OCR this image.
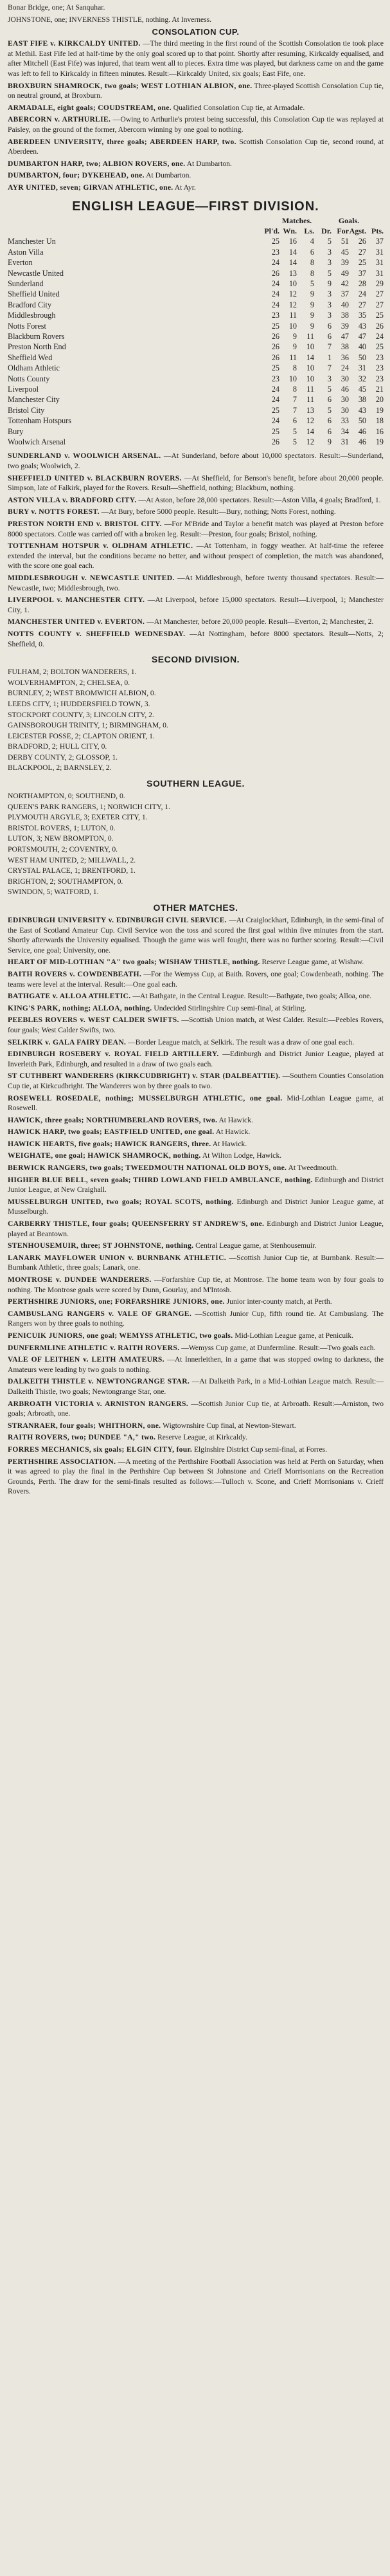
Bonar Bridge, one; At Sanquhar.

JOHNSTONE, one; INVERNESS THISTLE, nothing. At Inverness.

CONSOLATION CUP.

EAST FIFE v. KIRKCALDY UNITED. —The third meeting in the first round of the Scottish Consolation tie took place at Methil. East Fife led at half-time by the only goal scored up to that point. Shortly after resuming, Kirkcaldy equalised, and after Mitchell (East Fife) was injured, that team went all to pieces. Extra time was played, but darkness came on and the game was left to fell to Kirkcaldy in fifteen minutes. Result:—Kirkcaldy United, six goals; East Fife, one.

BROXBURN SHAMROCK, two goals; WEST LOTHIAN ALBION, one. Three-played Scottish Consolation Cup tie, on neutral ground, at Broxburn.

ARMADALE, eight goals; COUDSTREAM, one. Qualified Consolation Cup tie, at Armadale.

ABERCORN v. ARTHURLIE. —Owing to Arthurlie's protest being successful, this Consolation Cup tie was replayed at Paisley, on the ground of the former, Abercorn winning by one goal to nothing.

ABERDEEN UNIVERSITY, three goals; ABERDEEN HARP, two. Scottish Consolation Cup tie, second round, at Aberdeen.

DUMBARTON HARP, two; ALBION ROVERS, one. At Dumbarton.

DUMBARTON, four; DYKEHEAD, one. At Dumbarton.

AYR UNITED, seven; GIRVAN ATHLETIC, one. At Ayr.

ENGLISH LEAGUE—FIRST DIVISION.
	Matches.				Goals.		
	Pl'd.	Wn.	Ls.	Dr.	For	Agst.	Pts.
Manchester Un	25	16	4	5	51	26	37
Aston Villa	23	14	6	3	45	27	31
Everton	24	14	8	3	39	25	31
Newcastle United	26	13	8	5	49	37	31
Sunderland	24	10	5	9	42	28	29
Sheffield United	24	12	9	3	37	24	27
Bradford City	24	12	9	3	40	27	27
Middlesbrough	23	11	9	3	38	35	25
Notts Forest	25	10	9	6	39	43	26
Blackburn Rovers	26	9	11	6	47	47	24
Preston North End	26	9	10	7	38	40	25
Sheffield Wed	26	11	14	1	36	50	23
Oldham Athletic	25	8	10	7	24	31	23
Notts County	23	10	10	3	30	32	23
Liverpool	24	8	11	5	46	45	21
Manchester City	24	7	11	6	30	38	20
Bristol City	25	7	13	5	30	43	19
Tottenham Hotspurs	24	6	12	6	33	50	18
Bury	25	5	14	6	34	46	16
Woolwich Arsenal	26	5	12	9	31	46	19

SUNDERLAND v. WOOLWICH ARSENAL. —At Sunderland, before about 10,000 spectators. Result:—Sunderland, two goals; Woolwich, 2.

SHEFFIELD UNITED v. BLACKBURN ROVERS. —At Sheffield, for Benson's benefit, before about 20,000 people. Simpson, late of Falkirk, played for the Rovers. Result—Sheffield, nothing; Blackburn, nothing.

ASTON VILLA v. BRADFORD CITY. —At Aston, before 28,000 spectators. Result:—Aston Villa, 4 goals; Bradford, 1.

BURY v. NOTTS FOREST. —At Bury, before 5000 people. Result:—Bury, nothing; Notts Forest, nothing.

PRESTON NORTH END v. BRISTOL CITY. —For M'Bride and Taylor a benefit match was played at Preston before 8000 spectators. Cottle was carried off with a broken leg. Result:—Preston, four goals; Bristol, nothing.

TOTTENHAM HOTSPUR v. OLDHAM ATHLETIC. —At Tottenham, in foggy weather. At half-time the referee extended the interval, but the conditions became no better, and without prospect of completion, the match was abandoned, with the score one goal each.

MIDDLESBROUGH v. NEWCASTLE UNITED. —At Middlesbrough, before twenty thousand spectators. Result:—Newcastle, two; Middlesbrough, two.

LIVERPOOL v. MANCHESTER CITY. —At Liverpool, before 15,000 spectators. Result—Liverpool, 1; Manchester City, 1.

MANCHESTER UNITED v. EVERTON. —At Manchester, before 20,000 people. Result—Everton, 2; Manchester, 2.

NOTTS COUNTY v. SHEFFIELD WEDNESDAY. —At Nottingham, before 8000 spectators. Result—Notts, 2; Sheffield, 0.

SECOND DIVISION.

FULHAM, 2; BOLTON WANDERERS, 1.

WOLVERHAMPTON, 2; CHELSEA, 0.

BURNLEY, 2; WEST BROMWICH ALBION, 0.

LEEDS CITY, 1; HUDDERSFIELD TOWN, 3.

STOCKPORT COUNTY, 3; LINCOLN CITY, 2.

GAINSBOROUGH TRINITY, 1; BIRMINGHAM, 0.

LEICESTER FOSSE, 2; CLAPTON ORIENT, 1.

BRADFORD, 2; HULL CITY, 0.

DERBY COUNTY, 2; GLOSSOP, 1.

BLACKPOOL, 2; BARNSLEY, 2.

SOUTHERN LEAGUE.

NORTHAMPTON, 0; SOUTHEND, 0.

QUEEN'S PARK RANGERS, 1; NORWICH CITY, 1.

PLYMOUTH ARGYLE, 3; EXETER CITY, 1.

BRISTOL ROVERS, 1; LUTON, 0.

LUTON, 3; NEW BROMPTON, 0.

PORTSMOUTH, 2; COVENTRY, 0.

WEST HAM UNITED, 2; MILLWALL, 2.

CRYSTAL PALACE, 1; BRENTFORD, 1.

BRIGHTON, 2; SOUTHAMPTON, 0.

SWINDON, 5; WATFORD, 1.

OTHER MATCHES.

EDINBURGH UNIVERSITY v. EDINBURGH CIVIL SERVICE. —At Craiglockhart, Edinburgh, in the semi-final of the East of Scotland Amateur Cup. Civil Service won the toss and scored the first goal within five minutes from the start. Shortly afterwards the University equalised. Though the game was well fought, there was no further scoring. Result:—Civil Service, one goal; University, one.

HEART OF MID-LOTHIAN "A" two goals; WISHAW THISTLE, nothing. Reserve League game, at Wishaw.

BAITH ROVERS v. COWDENBEATH. —For the Wemyss Cup, at Baith. Rovers, one goal; Cowdenbeath, nothing. The teams were level at the interval. Result:—One goal each.

BATHGATE v. ALLOA ATHLETIC. —At Bathgate, in the Central League. Result:—Bathgate, two goals; Alloa, one.

KING'S PARK, nothing; ALLOA, nothing. Undecided Stirlingshire Cup semi-final, at Stirling.

PEEBLES ROVERS v. WEST CALDER SWIFTS. —Scottish Union match, at West Calder. Result:—Peebles Rovers, four goals; West Calder Swifts, two.

SELKIRK v. GALA FAIRY DEAN. —Border League match, at Selkirk. The result was a draw of one goal each.

EDINBURGH ROSEBERY v. ROYAL FIELD ARTILLERY. —Edinburgh and District Junior League, played at Inverleith Park, Edinburgh, and resulted in a draw of two goals each.

ST CUTHBERT WANDERERS (KIRKCUDBRIGHT) v. STAR (DALBEATTIE). —Southern Counties Consolation Cup tie, at Kirkcudbright. The Wanderers won by three goals to two.

ROSEWELL ROSEDALE, nothing; MUSSELBURGH ATHLETIC, one goal. Mid-Lothian League game, at Rosewell.

HAWICK, three goals; NORTHUMBERLAND ROVERS, two. At Hawick.

HAWICK HARP, two goals; EASTFIELD UNITED, one goal. At Hawick.

HAWICK HEARTS, five goals; HAWICK RANGERS, three. At Hawick.

WEIGHATE, one goal; HAWICK SHAMROCK, nothing. At Wilton Lodge, Hawick.

BERWICK RANGERS, two goals; TWEEDMOUTH NATIONAL OLD BOYS, one. At Tweedmouth.

HIGHER BLUE BELL, seven goals; THIRD LOWLAND FIELD AMBULANCE, nothing. Edinburgh and District Junior League, at New Craighall.

MUSSELBURGH UNITED, two goals; ROYAL SCOTS, nothing. Edinburgh and District Junior League game, at Musselburgh.

CARBERRY THISTLE, four goals; QUEENSFERRY ST ANDREW'S, one. Edinburgh and District Junior League, played at Beantown.

STENHOUSEMUIR, three; ST JOHNSTONE, nothing. Central League game, at Stenhousemuir.

LANARK MAYFLOWER UNION v. BURNBANK ATHLETIC. —Scottish Junior Cup tie, at Burnbank. Result:—Burnbank Athletic, three goals; Lanark, one.

MONTROSE v. DUNDEE WANDERERS. —Forfarshire Cup tie, at Montrose. The home team won by four goals to nothing. The Montrose goals were scored by Dunn, Gourlay, and M'Intosh.

PERTHSHIRE JUNIORS, one; FORFARSHIRE JUNIORS, one. Junior inter-county match, at Perth.

CAMBUSLANG RANGERS v. VALE OF GRANGE. —Scottish Junior Cup, fifth round tie. At Cambuslang. The Rangers won by three goals to nothing.

PENICUIK JUNIORS, one goal; WEMYSS ATHLETIC, two goals. Mid-Lothian League game, at Penicuik.

DUNFERMLINE ATHLETIC v. RAITH ROVERS. —Wemyss Cup game, at Dunfermline. Result:—Two goals each.

VALE OF LEITHEN v. LEITH AMATEURS. —At Innerleithen, in a game that was stopped owing to darkness, the Amateurs were leading by two goals to nothing.

DALKEITH THISTLE v. NEWTONGRANGE STAR. —At Dalkeith Park, in a Mid-Lothian League match. Result:—Dalkeith Thistle, two goals; Newtongrange Star, one.

ARBROATH VICTORIA v. ARNISTON RANGERS. —Scottish Junior Cup tie, at Arbroath. Result:—Arniston, two goals; Arbroath, one.

STRANRAER, four goals; WHITHORN, one. Wigtownshire Cup final, at Newton-Stewart.

RAITH ROVERS, two; DUNDEE "A," two. Reserve League, at Kirkcaldy.

FORRES MECHANICS, six goals; ELGIN CITY, four. Elginshire District Cup semi-final, at Forres.

PERTHSHIRE ASSOCIATION. —A meeting of the Perthshire Football Association was held at Perth on Saturday, when it was agreed to play the final in the Perthshire Cup between St Johnstone and Crieff Morrisonians on the Recreation Grounds, Perth. The draw for the semi-finals resulted as follows:—Tulloch v. Scone, and Crieff Morrisonians v. Crieff Rovers.
